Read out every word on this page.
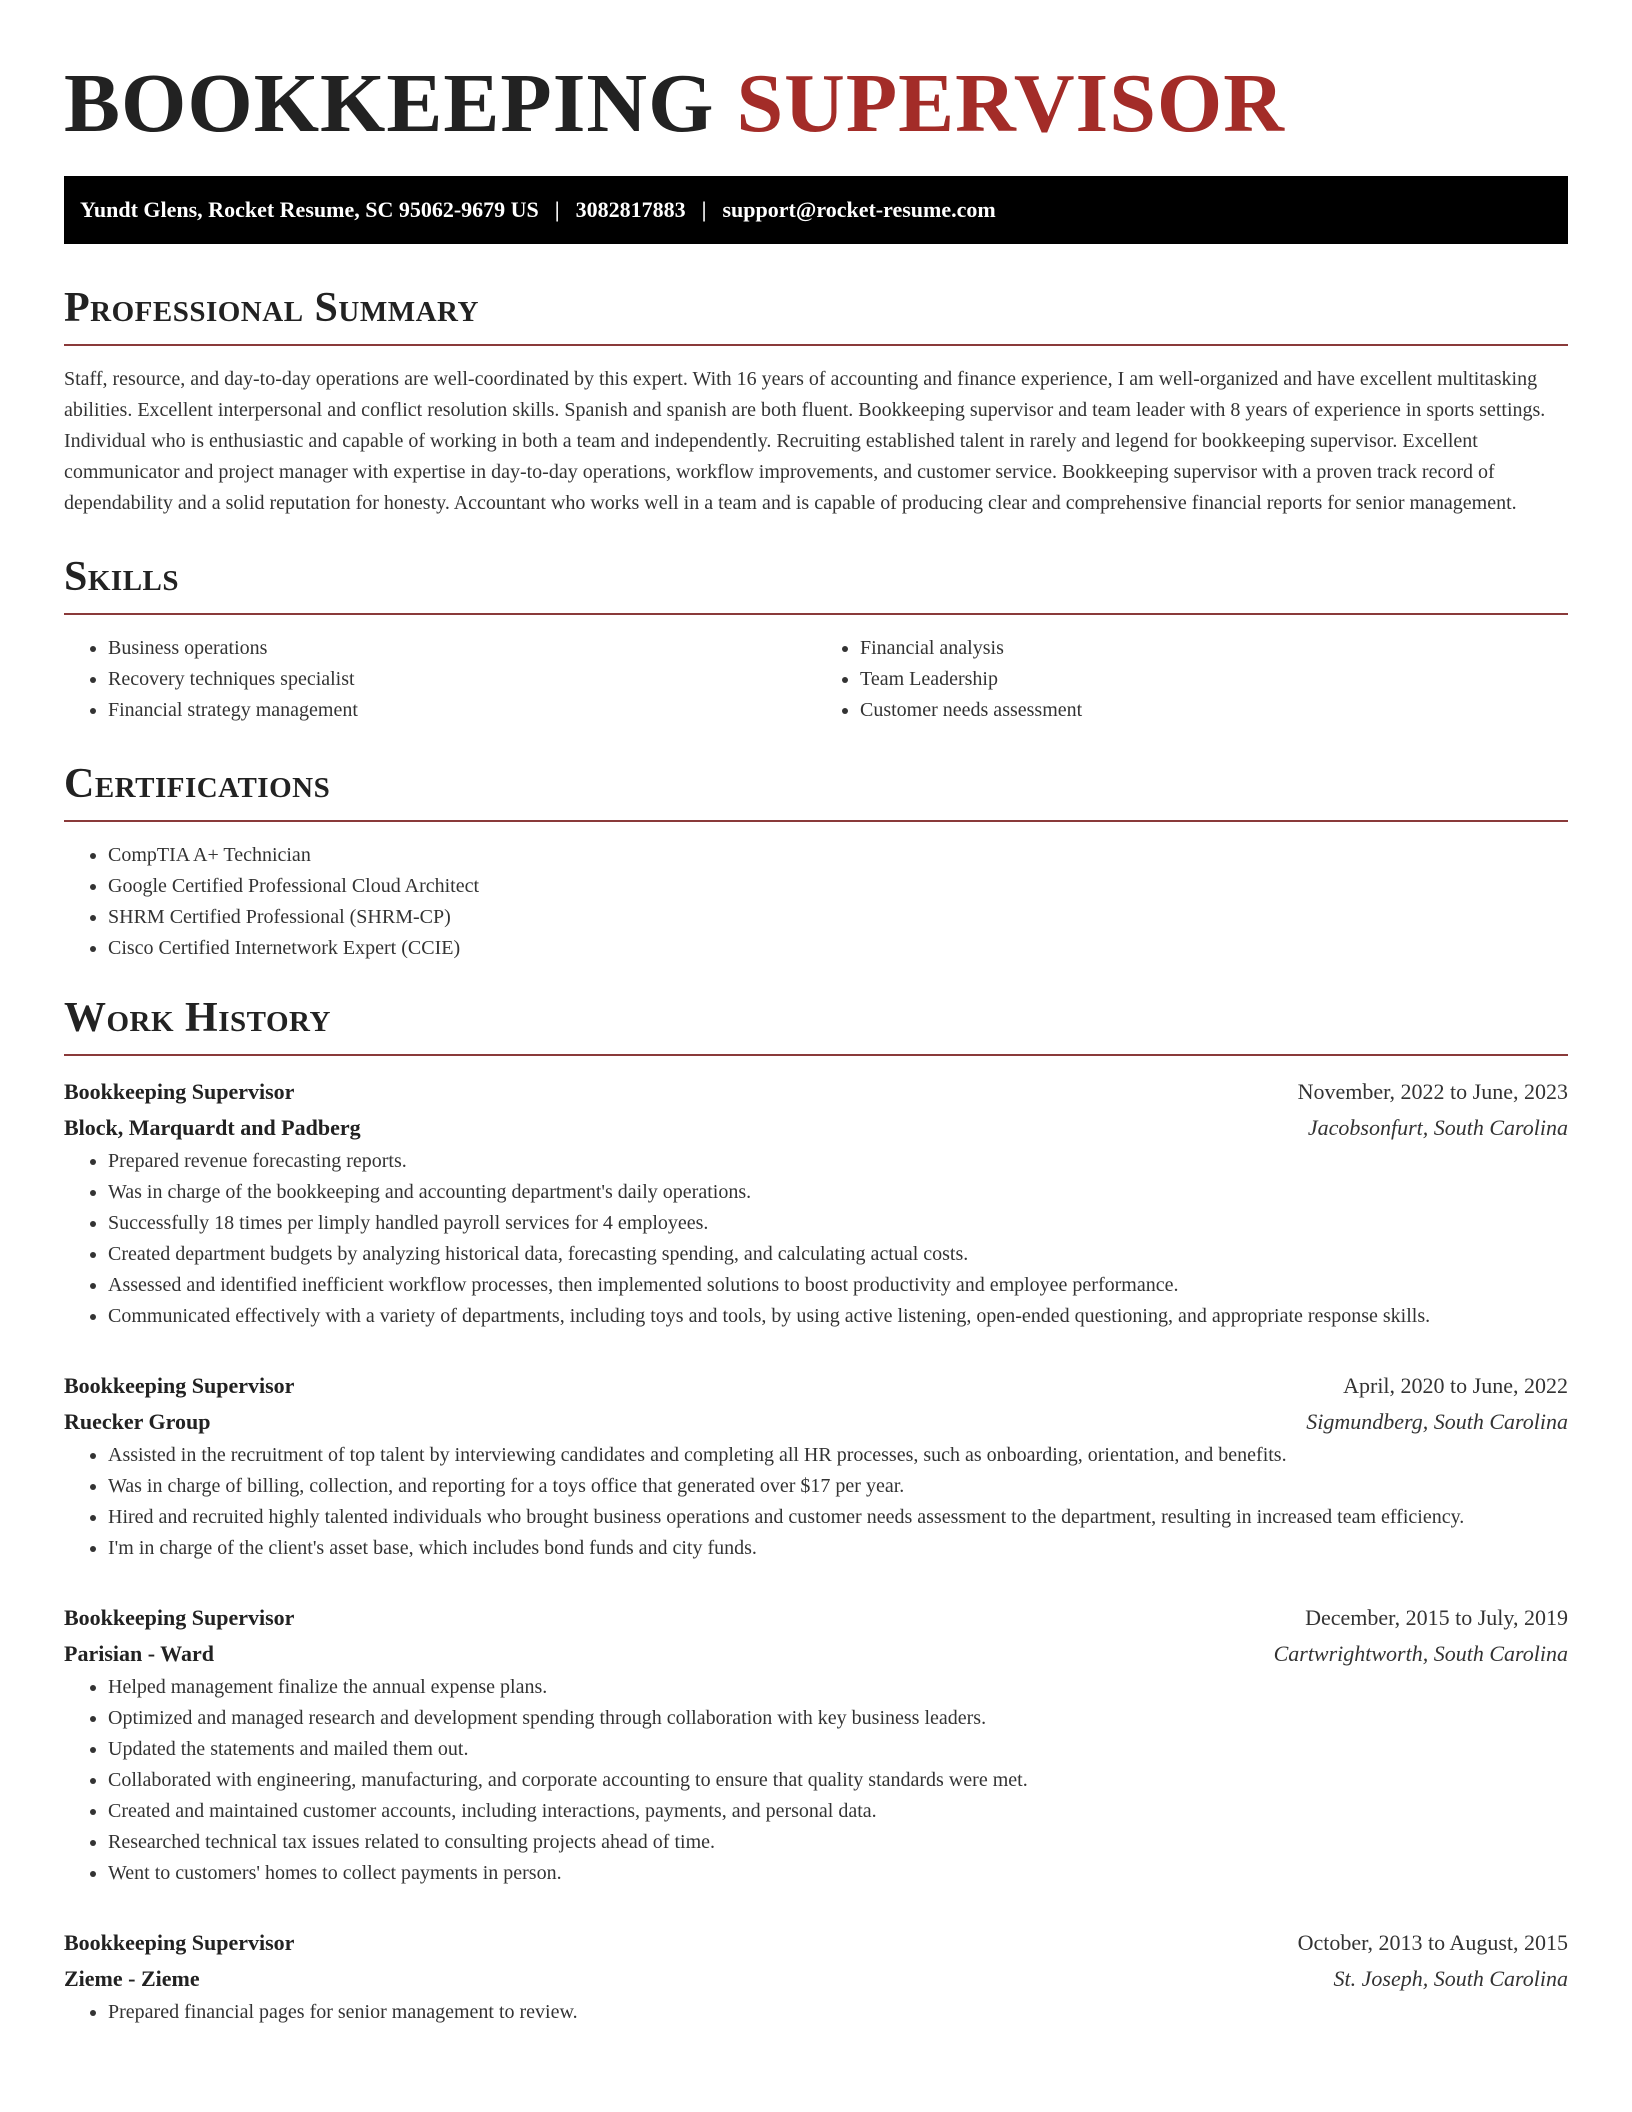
BOOKKEEPING SUPERVISOR
Yundt Glens, Rocket Resume, SC 95062-9679 US | 3082817883 | support@rocket-resume.com
Professional Summary

Staff, resource, and day-to-day operations are well-coordinated by this expert. With 16 years of accounting and finance experience, I am well-organized and have excellent multitasking abilities. Excellent interpersonal and conflict resolution skills. Spanish and spanish are both fluent. Bookkeeping supervisor and team leader with 8 years of experience in sports settings. Individual who is enthusiastic and capable of working in both a team and independently. Recruiting established talent in rarely and legend for bookkeeping supervisor. Excellent communicator and project manager with expertise in day-to-day operations, workflow improvements, and customer service. Bookkeeping supervisor with a proven track record of dependability and a solid reputation for honesty. Accountant who works well in a team and is capable of producing clear and comprehensive financial reports for senior management.

Skills
• Business operations
• Recovery techniques specialist
• Financial strategy management
• Financial analysis
• Team Leadership
• Customer needs assessment
Certifications
• CompTIA A+ Technician
• Google Certified Professional Cloud Architect
• SHRM Certified Professional (SHRM-CP)
• Cisco Certified Internetwork Expert (CCIE)
Work History
Bookkeeping Supervisor	November, 2022 to June, 2023
Block, Marquardt and Padberg	Jacobsonfurt, South Carolina
• Prepared revenue forecasting reports.
• Was in charge of the bookkeeping and accounting department's daily operations.
• Successfully 18 times per limply handled payroll services for 4 employees.
• Created department budgets by analyzing historical data, forecasting spending, and calculating actual costs.
• Assessed and identified inefficient workflow processes, then implemented solutions to boost productivity and employee performance.
• Communicated effectively with a variety of departments, including toys and tools, by using active listening, open-ended questioning, and appropriate response skills.
Bookkeeping Supervisor	April, 2020 to June, 2022
Ruecker Group	Sigmundberg, South Carolina
• Assisted in the recruitment of top talent by interviewing candidates and completing all HR processes, such as onboarding, orientation, and benefits.
• Was in charge of billing, collection, and reporting for a toys office that generated over $17 per year.
• Hired and recruited highly talented individuals who brought business operations and customer needs assessment to the department, resulting in increased team efficiency.
• I'm in charge of the client's asset base, which includes bond funds and city funds.
Bookkeeping Supervisor	December, 2015 to July, 2019
Parisian - Ward	Cartwrightworth, South Carolina
• Helped management finalize the annual expense plans.
• Optimized and managed research and development spending through collaboration with key business leaders.
• Updated the statements and mailed them out.
• Collaborated with engineering, manufacturing, and corporate accounting to ensure that quality standards were met.
• Created and maintained customer accounts, including interactions, payments, and personal data.
• Researched technical tax issues related to consulting projects ahead of time.
• Went to customers' homes to collect payments in person.
Bookkeeping Supervisor	October, 2013 to August, 2015
Zieme - Zieme	St. Joseph, South Carolina
• Prepared financial pages for senior management to review.
